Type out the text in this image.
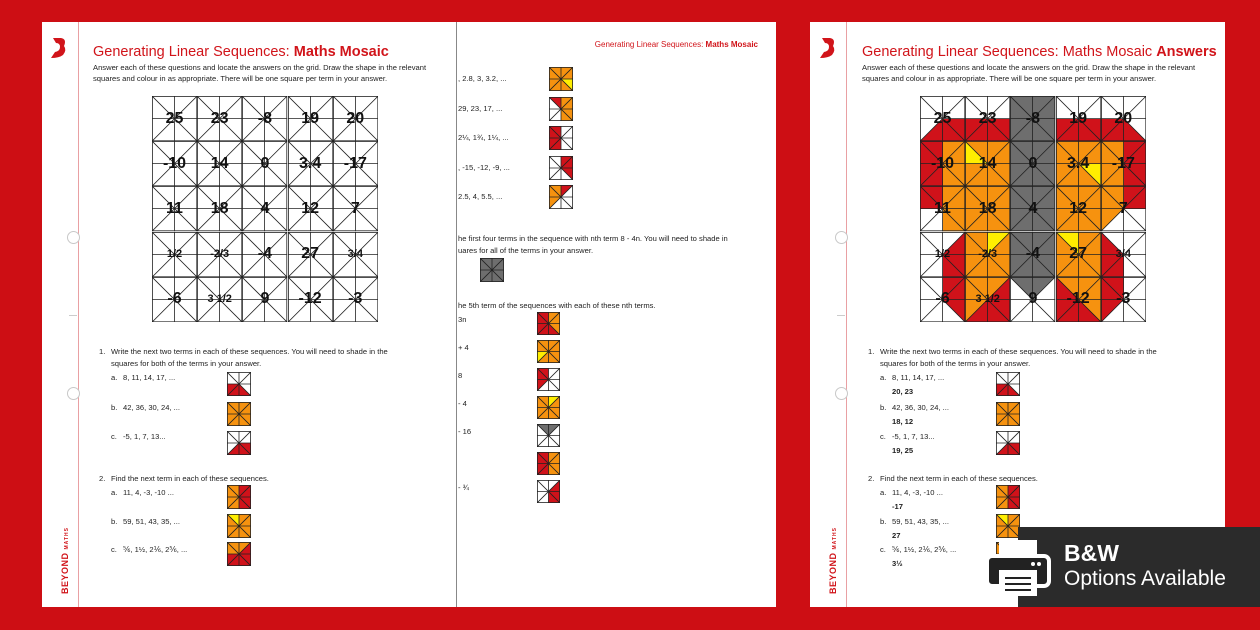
BEYONDMATHS
Generating Linear Sequences: Maths Mosaic
Answer each of these questions and locate the answers on the grid. Draw the shape in the relevant squares and colour in as appropriate. There will be one square per term in your answer.
25	23	-8	19	20
-10	14	0	3.4	-17
11	18	4	12	7
1/2	-2/3	-4	27	3/4
-6	3 1/2	9	-12	-3
1. Write the next two terms in each of these sequences. You will need to shade in the
squares for both of the terms in your answer.
a. 8, 11, 14, 17, ...
b. 42, 36, 30, 24, ...
c. -5, 1, 7, 13...
2. Find the next term in each of these sequences.
a. 11, 4, -3, -10 ...
b. 59, 51, 43, 35, ...
c. ⅚, 1½, 2⅙, 2⅚, ...
Generating Linear Sequences: Maths Mosaic
, 2.8, 3, 3.2, ...
29, 23, 17, ...
2¼, 1¾, 1¼, ...
, -15, -12, -9, ...
2.5, 4, 5.5, ...
he first four terms in the sequence with nth term 8 - 4n. You will need to shade in
uares for all of the terms in your answer.
he 5th term of the sequences with each of these nth terms.
3n
+ 4
8
- 4
- 16
- ¾
BEYONDMATHS
Generating Linear Sequences: Maths Mosaic Answers
Answer each of these questions and locate the answers on the grid. Draw the shape in the relevant squares and colour in as appropriate. There will be one square per term in your answer.
25	23	-8	19	20
-10	14	0	3.4	-17
11	18	4	12	7
1/2	-2/3	-4	27	3/4
-6	3 1/2	9	-12	-3
1. Write the next two terms in each of these sequences. You will need to shade in the
squares for both of the terms in your answer.
a. 8, 11, 14, 17, ...
20, 23
b. 42, 36, 30, 24, ...
18, 12
c. -5, 1, 7, 13...
19, 25
2. Find the next term in each of these sequences.
a. 11, 4, -3, -10 ...
-17
b. 59, 51, 43, 35, ...
27
c. ⅚, 1½, 2⅙, 2⅚, ...
3½	B&W
Options Available
